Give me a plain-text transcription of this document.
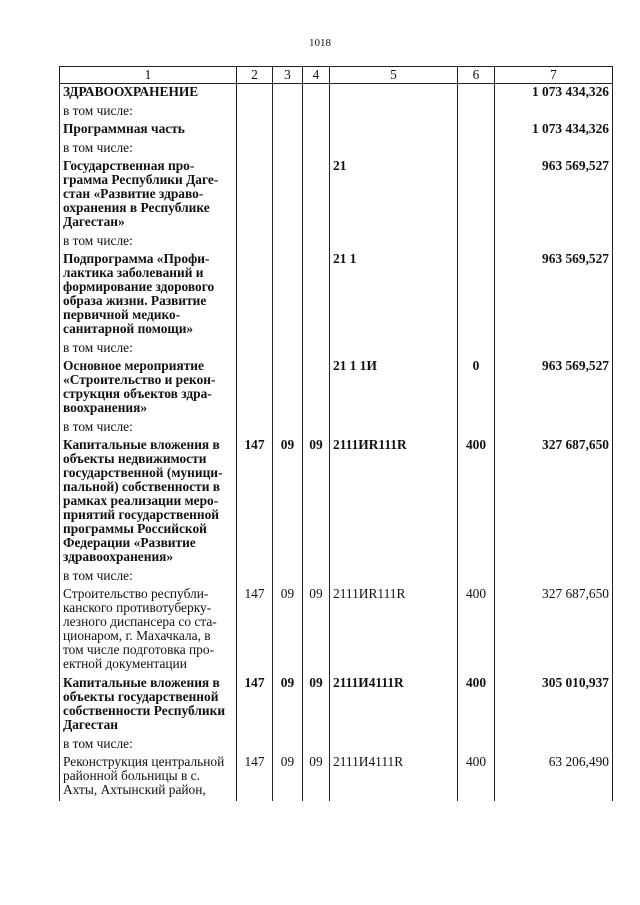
1018
1	2	3	4	5	6	7
ЗДРАВООХРАНЕНИЕ						1 073 434,326
в том числе:						
Программная часть						1 073 434,326
в том числе:						
Государственная про-грамма Республики Даге-стан «Развитие здраво-охранения в Республике Дагестан»				21		963 569,527
в том числе:						
Подпрограмма «Профи-лактика заболеваний и формирование здорового образа жизни. Развитие первичной медико-санитарной помощи»				21 1		963 569,527
в том числе:						
Основное мероприятие «Строительство и рекон-струкция объектов здра-воохранения»				21 1 1И	0	963 569,527
в том числе:						
Капитальные вложения в объекты недвижимости государственной (муници-пальной) собственности в рамках реализации меро-приятий государственной программы Российской Федерации «Развитие здравоохранения»	147	09	09	2111ИR111R	400	327 687,650
в том числе:						
Строительство республи-канского противотуберку-лезного диспансера со ста-ционаром, г. Махачкала, в том числе подготовка про-ектной документации	147	09	09	2111ИR111R	400	327 687,650
Капитальные вложения в объекты государственной собственности Республики Дагестан	147	09	09	2111И4111R	400	305 010,937
в том числе:						
Реконструкция центральной районной больницы в с. Ахты, Ахтынский район,	147	09	09	2111И4111R	400	63 206,490
